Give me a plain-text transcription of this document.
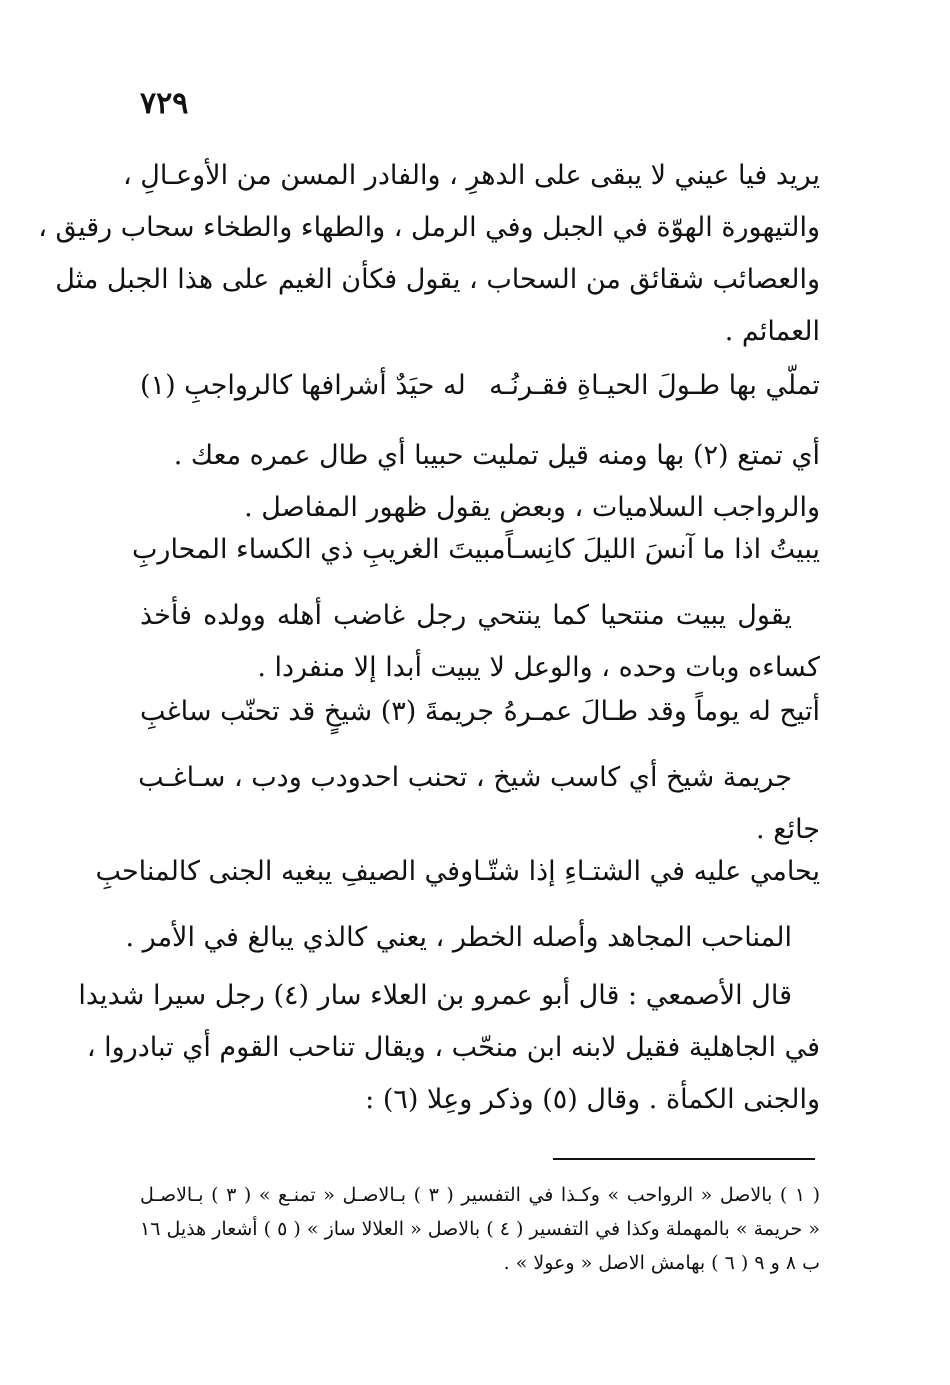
٧٢٩
يريد فيا عيني لا يبقى على الدهرِ ، والفادر المسن من الأوعـالِ ،
والتيهورة الهوّة في الجبل وفي الرمل ، والطهاء والطخاء سحاب رقيق ،
والعصائب شقائق من السحاب ، يقول فكأن الغيم على هذا الجبل مثل
العمائم .
تملّي بها طـولَ الحيـاةِ فقـرنُـه
له حيَدٌ أشرافها كالرواجبِ (١)
أي تمتع (٢) بها ومنه قيل تمليت حبيبا أي طال عمره معك .
والرواجب السلاميات ، وبعض يقول ظهور المفاصل .
يبيتُ اذا ما آنسَ الليلَ كانِسـاً
مبيتَ الغريبِ ذي الكساء المحاربِ
يقول يبيت منتحيا كما ينتحي رجل غاضب أهله وولده فأخذ
كساءه وبات وحده ، والوعل لا يبيت أبدا إلا منفردا .
أتيح له يوماً وقد طـالَ عمـرهُ
جريمةَ (٣) شيخٍ قد تحنّب ساغبِ
جريمة شيخ أي كاسب شيخ ، تحنب احدودب ودب ، سـاغـب
جائع .
يحامي عليه في الشتـاءِ إذا شتّـا
وفي الصيفِ يبغيه الجنى كالمناحبِ
المناحب المجاهد وأصله الخطر ، يعني كالذي يبالغ في الأمر .
قال الأصمعي : قال أبو عمرو بن العلاء سار (٤) رجل سيرا شديدا
في الجاهلية فقيل لابنه ابن منحّب ، ويقال تناحب القوم أي تبادروا ،
والجنى الكمأة . وقال (٥) وذكر وعِلا (٦) :
( ١ ) بالاصل « الرواحب » وكـذا في التفسير ( ٣ ) بـالاصـل « تمنـع » ( ٣ ) بـالاصـل
« حريمة » بالمهملة وكذا في التفسير ( ٤ ) بالاصل « العلالا ساز » ( ٥ ) أشعار هذيل ١٦
ب ٨ و ٩ ( ٦ ) بهامش الاصل « وعولا » .
